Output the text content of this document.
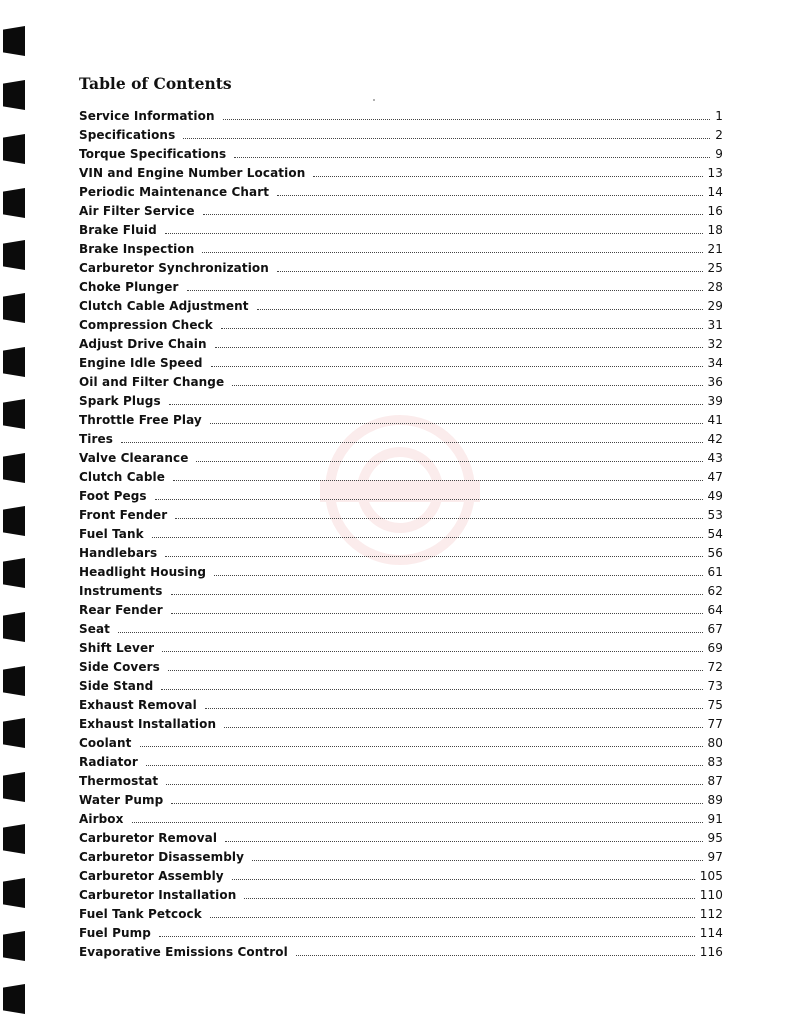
Table of Contents
Service Information	1
Specifications	2
Torque Specifications	9
VIN and Engine Number Location	13
Periodic Maintenance Chart	14
Air Filter Service	16
Brake Fluid	18
Brake Inspection	21
Carburetor Synchronization	25
Choke Plunger	28
Clutch Cable Adjustment	29
Compression Check	31
Adjust Drive Chain	32
Engine Idle Speed	34
Oil and Filter Change	36
Spark Plugs	39
Throttle Free Play	41
Tires	42
Valve Clearance	43
Clutch Cable	47
Foot Pegs	49
Front Fender	53
Fuel Tank	54
Handlebars	56
Headlight Housing	61
Instruments	62
Rear Fender	64
Seat	67
Shift Lever	69
Side Covers	72
Side Stand	73
Exhaust Removal	75
Exhaust Installation	77
Coolant	80
Radiator	83
Thermostat	87
Water Pump	89
Airbox	91
Carburetor Removal	95
Carburetor Disassembly	97
Carburetor Assembly	105
Carburetor Installation	110
Fuel Tank Petcock	112
Fuel Pump	114
Evaporative Emissions Control	116
